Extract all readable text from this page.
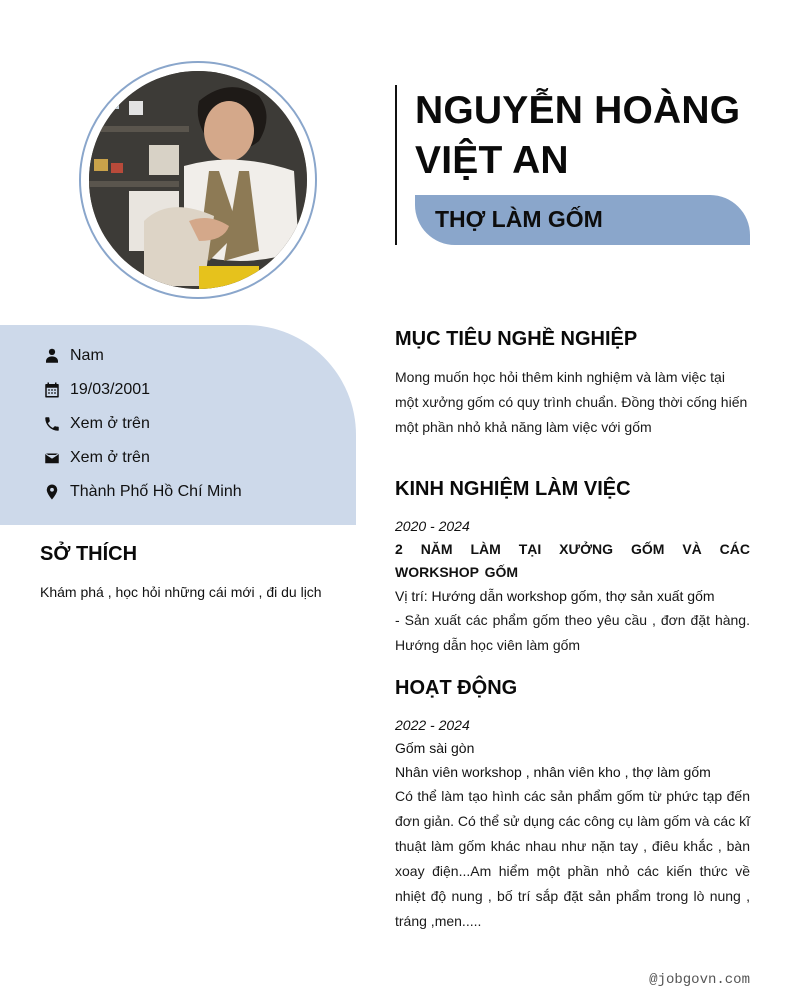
NGUYỄN HOÀNG
VIỆT AN
THỢ LÀM GỐM
Nam
19/03/2001
Xem ở trên
Xem ở trên
Thành Phố Hồ Chí Minh
SỞ THÍCH
Khám phá , học hỏi những cái mới , đi du lịch
MỤC TIÊU NGHỀ NGHIỆP
Mong muốn học hỏi thêm kinh nghiệm và làm việc tại một xưởng gốm có quy trình chuẩn. Đồng thời cống hiến một phần nhỏ khả năng làm việc với gốm
KINH NGHIỆM LÀM VIỆC
2020 - 2024
2 NĂM LÀM TẠI XƯỞNG GỐM VÀ CÁC WORKSHOP GỐM
Vị trí: Hướng dẫn workshop gốm, thợ sản xuất gốm
- Sản xuất các phẩm gốm theo yêu cầu , đơn đặt hàng. Hướng dẫn học viên làm gốm
HOẠT ĐỘNG
2022 - 2024
Gốm sài gòn
Nhân viên workshop , nhân viên kho , thợ làm gốm
Có thể làm tạo hình các sản phẩm gốm từ phức tạp đến đơn giản. Có thể sử dụng các công cụ làm gốm và các kĩ thuật làm gốm khác nhau như nặn tay , điêu khắc , bàn xoay điện...Am hiểm một phần nhỏ các kiến thức về nhiệt độ nung , bố trí sắp đặt sản phẩm trong lò nung , tráng ,men.....
@jobgovn.com
